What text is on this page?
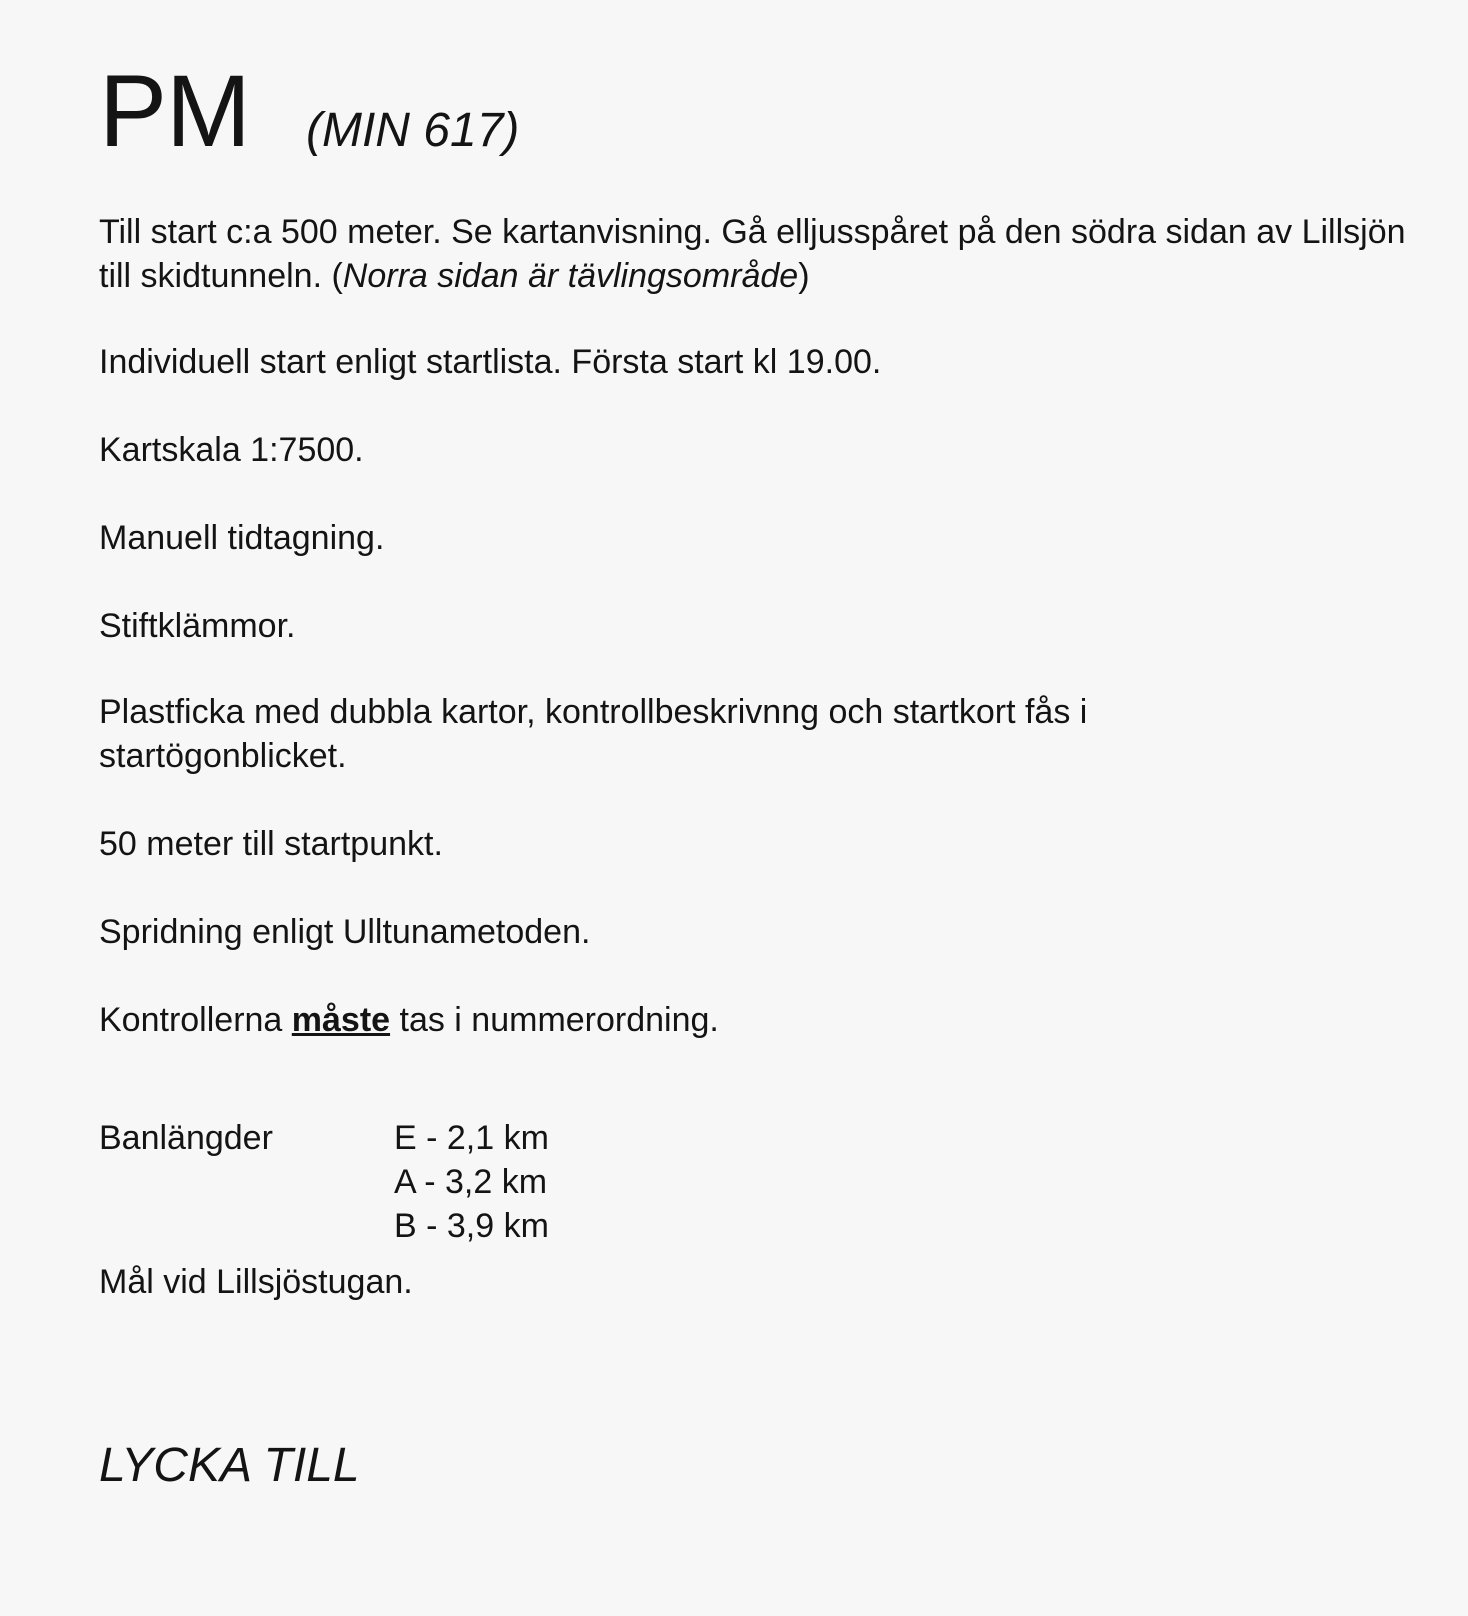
PM (MIN 617)

Till start c:a 500 meter. Se kartanvisning. Gå elljusspåret på den södra sidan av Lillsjön till skidtunneln. (Norra sidan är tävlingsområde)

Individuell start enligt startlista. Första start kl 19.00.

Kartskala 1:7500.

Manuell tidtagning.

Stiftklämmor.

Plastficka med dubbla kartor, kontrollbeskrivnng och startkort fås i startögonblicket.

50 meter till startpunkt.

Spridning enligt Ulltunametoden.

Kontrollerna måste tas i nummerordning.

Banlängder	E - 2,1 km
A - 3,2 km
B - 3,9 km

Mål vid Lillsjöstugan.

LYCKA TILL
